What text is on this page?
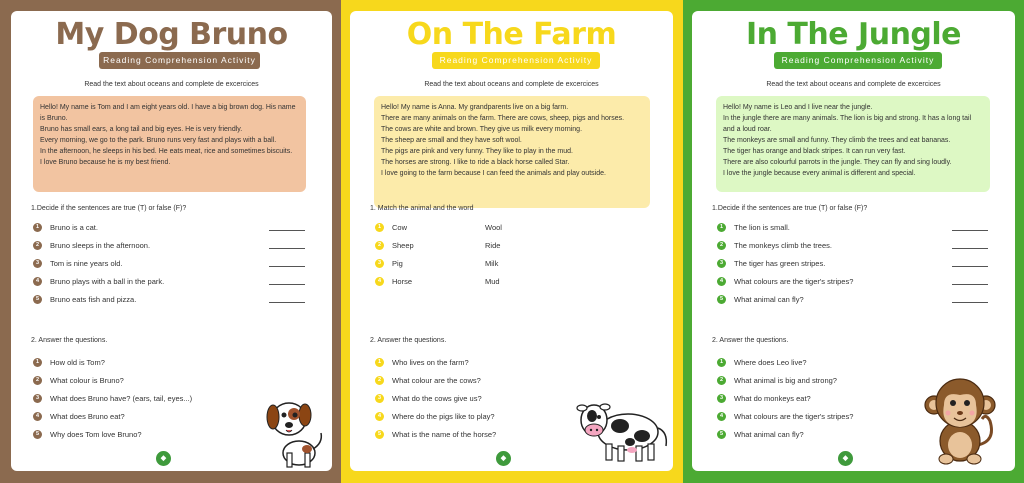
My Dog Bruno
Reading Comprehension Activity
Read the text about oceans and complete de excercices

Hello! My name is Tom and I am eight years old. I have a big brown dog. His name is Bruno.

Bruno has small ears, a long tail and big eyes. He is very friendly.

Every morning, we go to the park. Bruno runs very fast and plays with a ball.

In the afternoon, he sleeps in his bed. He eats meat, rice and sometimes biscuits.

I love Bruno because he is my best friend.

1.Decide if the sentences are true (T) or false (F)?
1	Bruno is a cat.
2	Bruno sleeps in the afternoon.
3	Tom is nine years old.
4	Bruno plays with a ball in the park.
5	Bruno eats fish and pizza.
2. Answer the questions.
1	How old is Tom?
2	What colour is Bruno?
3	What does Bruno have? (ears, tail, eyes...)
4	What does Bruno eat?
5	Why does Tom love Bruno?
◆
On The Farm
Reading Comprehension Activity
Read the text about oceans and complete de excercices

Hello! My name is Anna. My grandparents live on a big farm.

There are many animals on the farm. There are cows, sheep, pigs and horses.

The cows are white and brown. They give us milk every morning.

The sheep are small and they have soft wool.

The pigs are pink and very funny. They like to play in the mud.

The horses are strong. I like to ride a black horse called Star.

I love going to the farm because I can feed the animals and play outside.

1. Match the animal and the word
1	Cow	Wool
2	Sheep	Ride
3	Pig	Milk
4	Horse	Mud
2. Answer the questions.
1	Who lives on the farm?
2	What colour are the cows?
3	What do the cows give us?
4	Where do the pigs like to play?
5	What is the name of the horse?
◆
In The Jungle
Reading Comprehension Activity
Read the text about oceans and complete de excercices

Hello! My name is Leo and I live near the jungle.

In the jungle there are many animals. The lion is big and strong. It has a long tail and a loud roar.

The monkeys are small and funny. They climb the trees and eat bananas.

The tiger has orange and black stripes. It can run very fast.

There are also colourful parrots in the jungle. They can fly and sing loudly.

I love the jungle because every animal is different and special.

1.Decide if the sentences are true (T) or false (F)?
1	The lion is small.
2	The monkeys climb the trees.
3	The tiger has green stripes.
4	What colours are the tiger's stripes?
5	What animal can fly?
2. Answer the questions.
1	Where does Leo live?
2	What animal is big and strong?
3	What do monkeys eat?
4	What colours are the tiger's stripes?
5	What animal can fly?
◆
